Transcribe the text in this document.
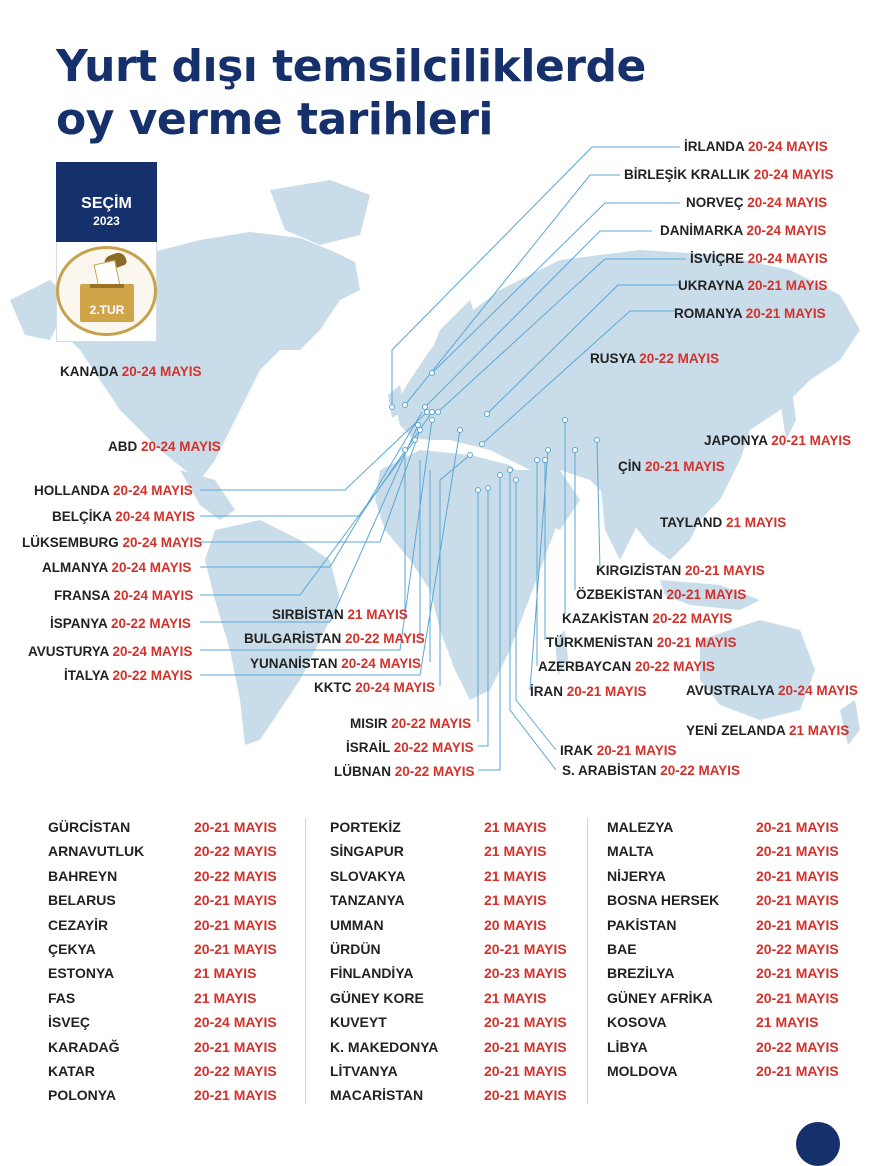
Yurt dışı temsilciliklerde
oy verme tarihleri
SEÇİM
2023
2.TUR
İRLANDA 20-24 MAYIS
BİRLEŞİK KRALLIK 20-24 MAYIS
NORVEÇ 20-24 MAYIS
DANİMARKA 20-24 MAYIS
İSVİÇRE 20-24 MAYIS
UKRAYNA 20-21 MAYIS
ROMANYA 20-21 MAYIS
RUSYA 20-22 MAYIS
KANADA 20-24 MAYIS
ABD 20-24 MAYIS	JAPONYA 20-21 MAYIS
ÇİN 20-21 MAYIS
HOLLANDA 20-24 MAYIS
BELÇİKA 20-24 MAYIS	TAYLAND 21 MAYIS
LÜKSEMBURG 20-24 MAYIS
ALMANYA 20-24 MAYIS	KIRGIZİSTAN 20-21 MAYIS
ÖZBEKİSTAN 20-21 MAYIS
FRANSA 20-24 MAYIS
SIRBİSTAN 21 MAYIS	KAZAKİSTAN 20-22 MAYIS
İSPANYA 20-22 MAYIS
BULGARİSTAN 20-22 MAYIS	TÜRKMENİSTAN 20-21 MAYIS
AVUSTURYA 20-24 MAYIS
YUNANİSTAN 20-24 MAYIS	AZERBAYCAN 20-22 MAYIS
İTALYA 20-22 MAYIS
KKTC 20-24 MAYIS	İRAN 20-21 MAYIS	AVUSTRALYA 20-24 MAYIS
YENİ ZELANDA 21 MAYIS
MISIR 20-22 MAYIS
İSRAİL 20-22 MAYIS	IRAK 20-21 MAYIS
LÜBNAN 20-22 MAYIS	S. ARABİSTAN 20-22 MAYIS
GÜRCİSTAN	20-21 MAYIS
ARNAVUTLUK	20-22 MAYIS
BAHREYN	20-22 MAYIS
BELARUS	20-21 MAYIS
CEZAYİR	20-21 MAYIS
ÇEKYA	20-21 MAYIS
ESTONYA	21 MAYIS
FAS	21 MAYIS
İSVEÇ	20-24 MAYIS
KARADAĞ	20-21 MAYIS
KATAR	20-22 MAYIS
POLONYA	20-21 MAYIS
PORTEKİZ	21 MAYIS
SİNGAPUR	21 MAYIS
SLOVAKYA	21 MAYIS
TANZANYA	21 MAYIS
UMMAN	20 MAYIS
ÜRDÜN	20-21 MAYIS
FİNLANDİYA	20-23 MAYIS
GÜNEY KORE	21 MAYIS
KUVEYT	20-21 MAYIS
K. MAKEDONYA	20-21 MAYIS
LİTVANYA	20-21 MAYIS
MACARİSTAN	20-21 MAYIS
MALEZYA	20-21 MAYIS
MALTA	20-21 MAYIS
NİJERYA	20-21 MAYIS
BOSNA HERSEK	20-21 MAYIS
PAKİSTAN	20-21 MAYIS
BAE	20-22 MAYIS
BREZİLYA	20-21 MAYIS
GÜNEY AFRİKA	20-21 MAYIS
KOSOVA	21 MAYIS
LİBYA	20-22 MAYIS
MOLDOVA	20-21 MAYIS
